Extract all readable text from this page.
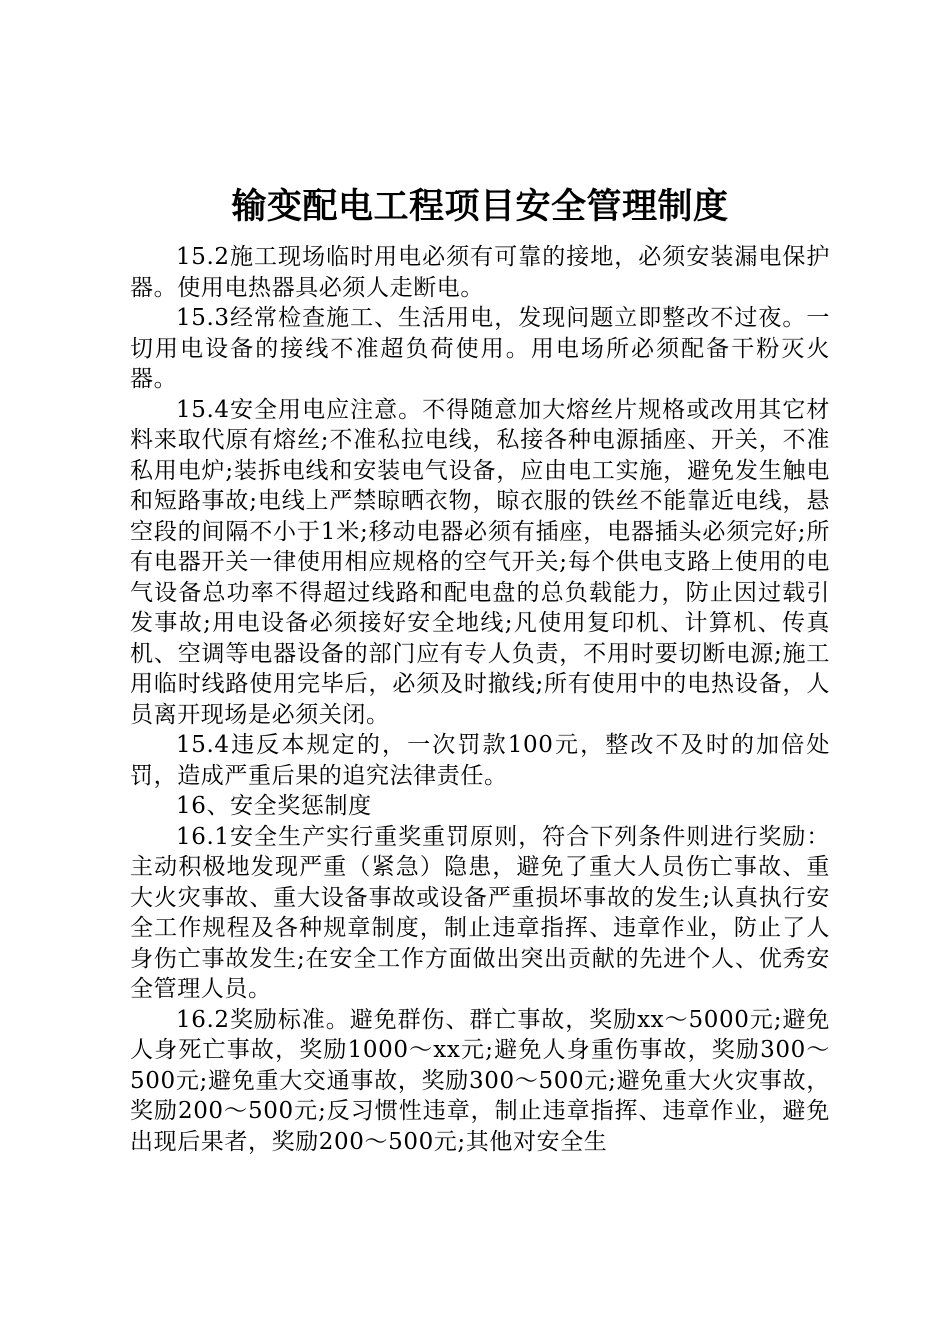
输变配电工程项目安全管理制度

15.2施工现场临时用电必须有可靠的接地，必须安装漏电保护器。使用电热器具必须人走断电。

15.3经常检查施工、生活用电，发现问题立即整改不过夜。一切用电设备的接线不准超负荷使用。用电场所必须配备干粉灭火器。

15.4安全用电应注意。不得随意加大熔丝片规格或改用其它材料来取代原有熔丝;不准私拉电线，私接各种电源插座、开关，不准私用电炉;装拆电线和安装电气设备，应由电工实施，避免发生触电和短路事故;电线上严禁晾晒衣物，晾衣服的铁丝不能靠近电线，悬空段的间隔不小于1米;移动电器必须有插座，电器插头必须完好;所有电器开关一律使用相应规格的空气开关;每个供电支路上使用的电气设备总功率不得超过线路和配电盘的总负载能力，防止因过载引发事故;用电设备必须接好安全地线;凡使用复印机、计算机、传真机、空调等电器设备的部门应有专人负责，不用时要切断电源;施工用临时线路使用完毕后，必须及时撤线;所有使用中的电热设备，人员离开现场是必须关闭。

15.4违反本规定的，一次罚款100元，整改不及时的加倍处罚，造成严重后果的追究法律责任。

16、安全奖惩制度

16.1安全生产实行重奖重罚原则，符合下列条件则进行奖励：主动积极地发现严重（紧急）隐患，避免了重大人员伤亡事故、重大火灾事故、重大设备事故或设备严重损坏事故的发生;认真执行安全工作规程及各种规章制度，制止违章指挥、违章作业，防止了人身伤亡事故发生;在安全工作方面做出突出贡献的先进个人、优秀安全管理人员。

16.2奖励标准。避免群伤、群亡事故，奖励xx～5000元;避免人身死亡事故，奖励1000～xx元;避免人身重伤事故，奖励300～500元;避免重大交通事故，奖励300～500元;避免重大火灾事故，奖励200～500元;反习惯性违章，制止违章指挥、违章作业，避免出现后果者，奖励200～500元;其他对安全生
